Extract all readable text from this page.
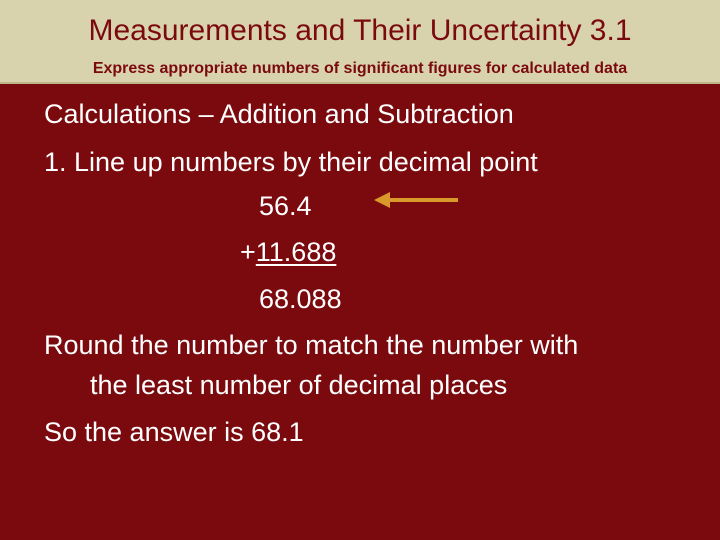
Measurements and Their Uncertainty 3.1
Express appropriate numbers of significant figures for calculated data
Calculations – Addition and Subtraction
1. Line up numbers by their decimal point
56.4
+11.688
68.088
Round the number to match the number with
the least number of decimal places
So the answer is 68.1
